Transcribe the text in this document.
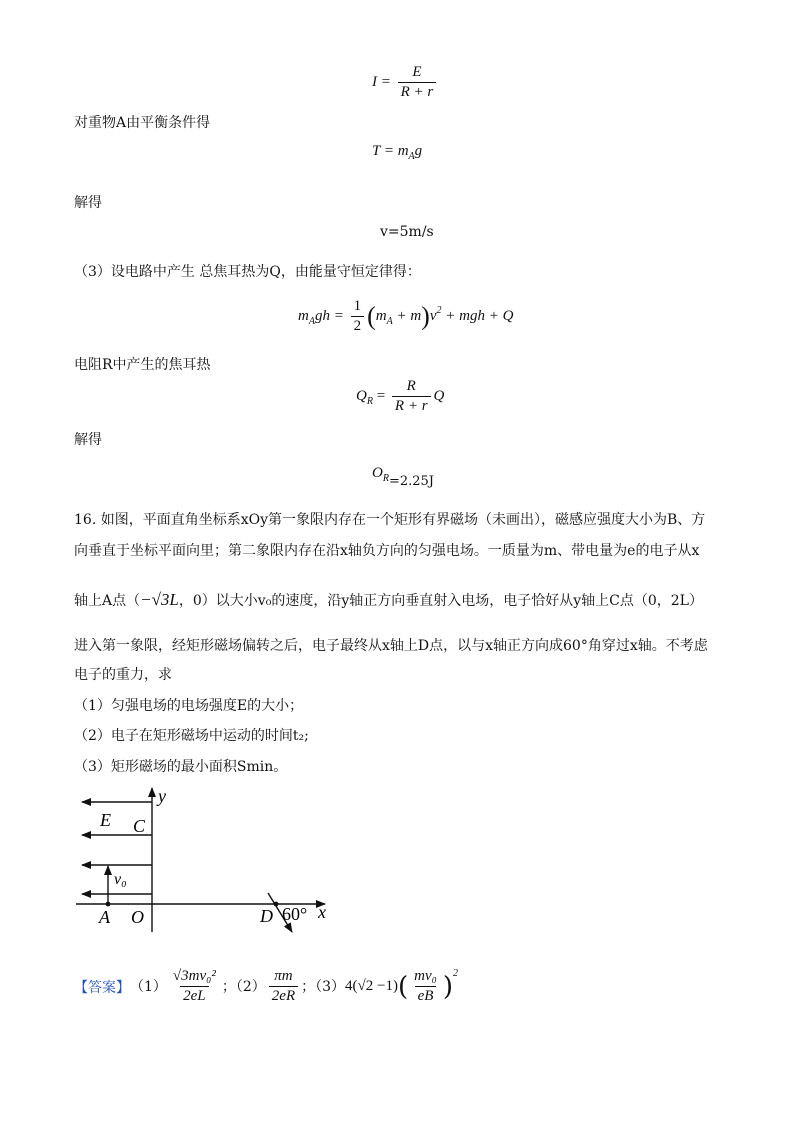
$I = \frac{E}{R + r}$
对重物A由平衡条件得
$T = m_Ag$
解得
v=5m/s
（3）设电路中产生 总焦耳热为Q，由能量守恒定律得：
$m_Agh = \frac{1}{2} (m_A + m)v^2$ + mgh + Q
电阻R中产生的焦耳热
$Q_R = \frac{R}{R + r}$ Q
解得
$O_{R=2.25J}$
16. 如图，平面直角坐标系xOy第一象限内存在一个矩形有界磁场（未画出），磁感应强度大小为B、方
向垂直于坐标平面向里；第二象限内存在沿x轴负方向的匀强电场。一质量为m、带电量为e的电子从x
轴上A点（−√3L，0）以大小v₀的速度，沿y轴正方向垂直射入电场，电子恰好从y轴上C点（0，2L）
进入第一象限，经矩形磁场偏转之后，电子最终从x轴上D点，以与x轴正方向成60°角穿过x轴。不考虑
电子的重力，求
（1）匀强电场的电场强度E的大小；
（2）电子在矩形磁场中运动的时间t₂;
（3）矩形磁场的最小面积Smin。
y
x
E C
v₀
A O	D 60°
【答案】 $(1) \frac{\text{√3mv₀²}}{2eL}$ ；$(2) \frac{\pi m}{2eR}$ ；（3） 4(√2 −1) ( $\frac{\text{mv₀}}{eB}$ ) 2
